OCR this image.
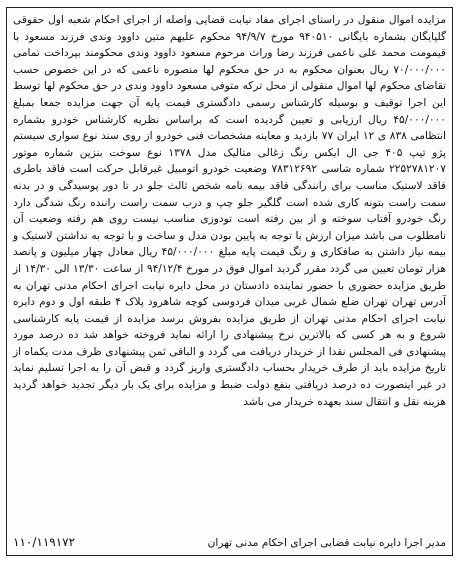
مزایده اموال منقول در راستای اجرای مفاد نیابت قضایی واصله از اجرای احکام شعبه اول حقوقی گلپایگان بشماره بایگانی ۹۴۰۵۱۰ مورخ ۹۴/۹/۷ محکوم علیهم متین داوود وندی فرزند مسعود با قیمومت محمد علی ناعمی فرزند رضا وراث مرحوم مسعود داوود وندی محکومند بپرداخت تمامی ۷۰/۰۰۰/۰۰۰ ریال بعنوان محکوم به در حق محکوم لها منصوره ناعمی که در این خصوص حسب تقاضای محکوم لها اموال منقولی از محل ترکه متوفی مسعود داوود وندی در حق محکوم لها توسط این اجرا توقیف و بوسیله کارشناس رسمی دادگستری قیمت پایه آن جهت مزایده جمعا بمبلغ ۴۵/۰۰۰/۰۰۰ ریال ارزیابی و تعیین گردیده است که براساس نظریه کارشناس خودرو بشماره انتظامی ۸۳۸ ی ۱۲ ایران ۷۷ بازدید و معاینه مشخصات فنی خودرو از روی سند نوع سواری سیستم پژو تیپ ۴۰۵ جی ال ایکس رنگ زغالی متالیک مدل ۱۳۷۸ نوع سوخت بنزین شماره موتور ۲۲۵۲۷۸۱۲۰۷ شماره شاسی ۷۸۳۱۲۶۹۲ وضعیت خودرو اتومبیل غیرقابل حرکت است فاقد باطری فاقد لاستیک مناسب برای رانندگی فاقد بیمه نامه شخص ثالث جلو در تا دور پوسیدگی و در بدنه سمت راست بتونه کاری شده است گلگیر جلو چپ و درب سمت راست راننده رنگ شدگی دارد رنگ خودرو آفتاب سوخته و از بین رفته است تودوزی مناسب نیست روی هم رفته وضعیت آن نامطلوب می باشد میزان ارزش با توجه به پایین بودن مدل و ساخت و با توجه به نداشتن لاستیک و بیمه نیاز داشتن به صافکاری و رنگ قیمت پایه مبلغ ۴۵/۰۰۰/۰۰۰ ریال معادل چهار میلیون و پانصد هزار تومان تعیین می گردد مقرر گردید اموال فوق در مورخ ۹۴/۱۲/۴ از ساعت ۱۳/۳۰ الی ۱۴/۳۰ از طریق مزایده حضوری با حضور نماینده دادستان در محل دایره نیابت اجرای احکام مدنی تهران به آدرس تهران تهران ضلع شمال غربی میدان فردوسی کوچه شاهرود پلاک ۴ طبقه اول و دوم دایره نیابت اجرای احکام مدنی تهران از طریق مزایده بفروش برسد مزایده از قیمت پایه کارشناسی شروع و به هر کسی که بالاترین نرخ پیشنهادی را ارائه نماید فروخته خواهد شد ده درصد مورد پیشنهادی فی المجلس نقدا از خریدار دریافت می گردد و الباقی ثمن پیشنهادی ظرف مدت یکماه از تاریخ مزایده باید از طرف خریدار بحساب دادگستری واریز گردد و قبض آن را به اجرا تسلیم نماید در غیر اینصورت ده درصد دریافتی بنفع دولت ضبط و مزایده برای یک بار دیگر تجدید خواهد گردید هزینه نقل و انتقال سند بعهده خریدار می باشد

مدیر اجرا دایره نیابت قضایی اجرای احکام مدنی تهران
۱۱۰/۱۱۹۱۷۲
